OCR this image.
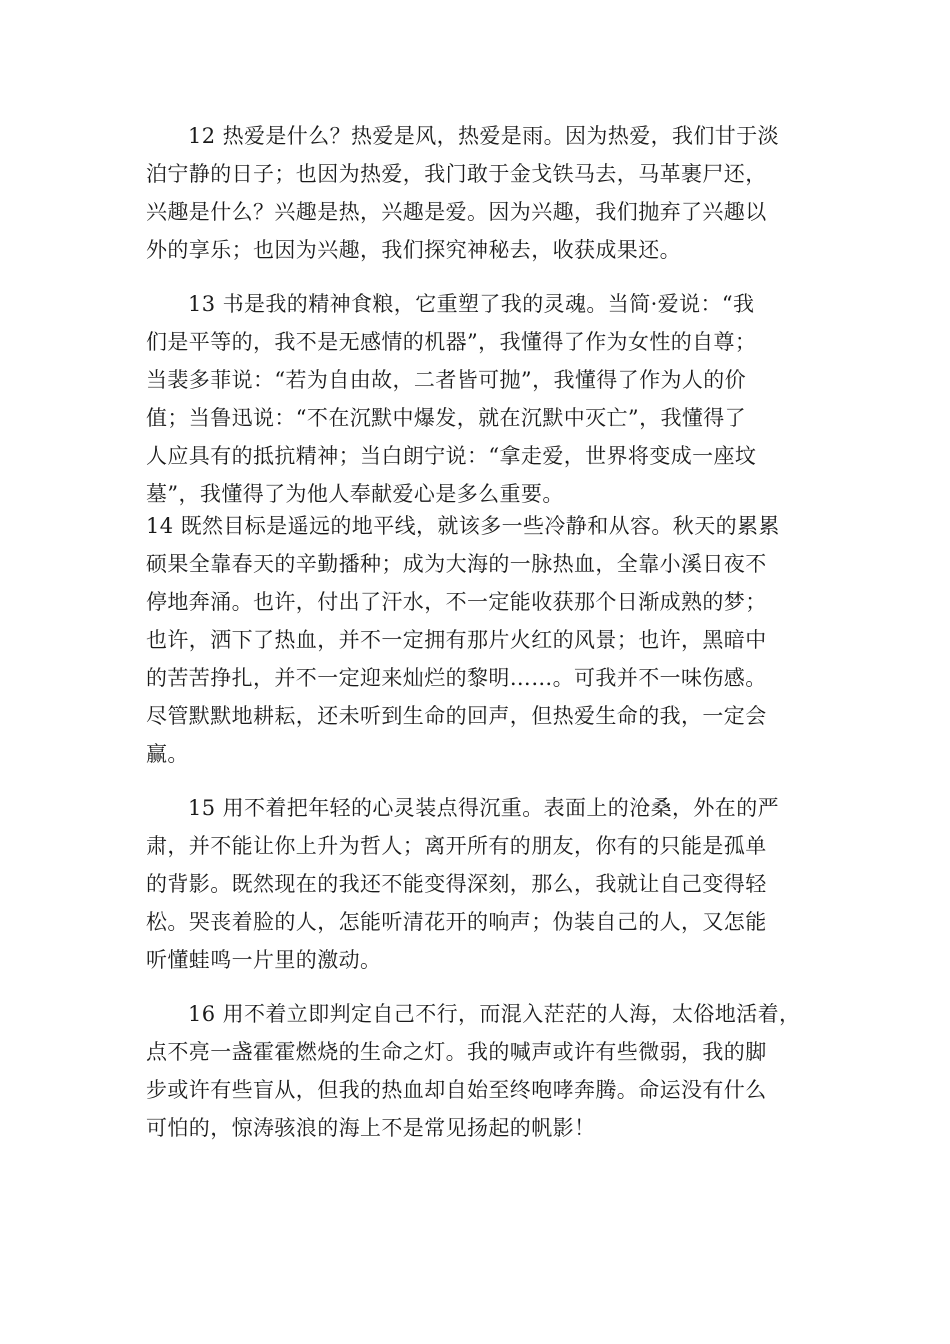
12 热爱是什么？热爱是风，热爱是雨。因为热爱，我们甘于淡
泊宁静的日子；也因为热爱，我门敢于金戈铁马去，马革裹尸还，
兴趣是什么？兴趣是热，兴趣是爱。因为兴趣，我们抛弃了兴趣以
外的享乐；也因为兴趣，我们探究神秘去，收获成果还。
13 书是我的精神食粮，它重塑了我的灵魂。当简·爱说：“我
们是平等的，我不是无感情的机器”，我懂得了作为女性的自尊；
当裴多菲说：“若为自由故，二者皆可抛”，我懂得了作为人的价
值；当鲁迅说：“不在沉默中爆发，就在沉默中灭亡”，我懂得了
人应具有的抵抗精神；当白朗宁说：“拿走爱，世界将变成一座坟
墓”，我懂得了为他人奉献爱心是多么重要。
14 既然目标是遥远的地平线，就该多一些冷静和从容。秋天的累累
硕果全靠春天的辛勤播种；成为大海的一脉热血，全靠小溪日夜不
停地奔涌。也许，付出了汗水，不一定能收获那个日渐成熟的梦；
也许，洒下了热血，并不一定拥有那片火红的风景；也许，黑暗中
的苦苦挣扎，并不一定迎来灿烂的黎明……。可我并不一味伤感。
尽管默默地耕耘，还未听到生命的回声，但热爱生命的我，一定会
赢。
15 用不着把年轻的心灵装点得沉重。表面上的沧桑，外在的严
肃，并不能让你上升为哲人；离开所有的朋友，你有的只能是孤单
的背影。既然现在的我还不能变得深刻，那么，我就让自己变得轻
松。哭丧着脸的人，怎能听清花开的响声；伪装自己的人，又怎能
听懂蛙鸣一片里的激动。
16 用不着立即判定自己不行，而混入茫茫的人海，太俗地活着，
点不亮一盏霍霍燃烧的生命之灯。我的喊声或许有些微弱，我的脚
步或许有些盲从，但我的热血却自始至终咆哮奔腾。命运没有什么
可怕的，惊涛骇浪的海上不是常见扬起的帆影！
